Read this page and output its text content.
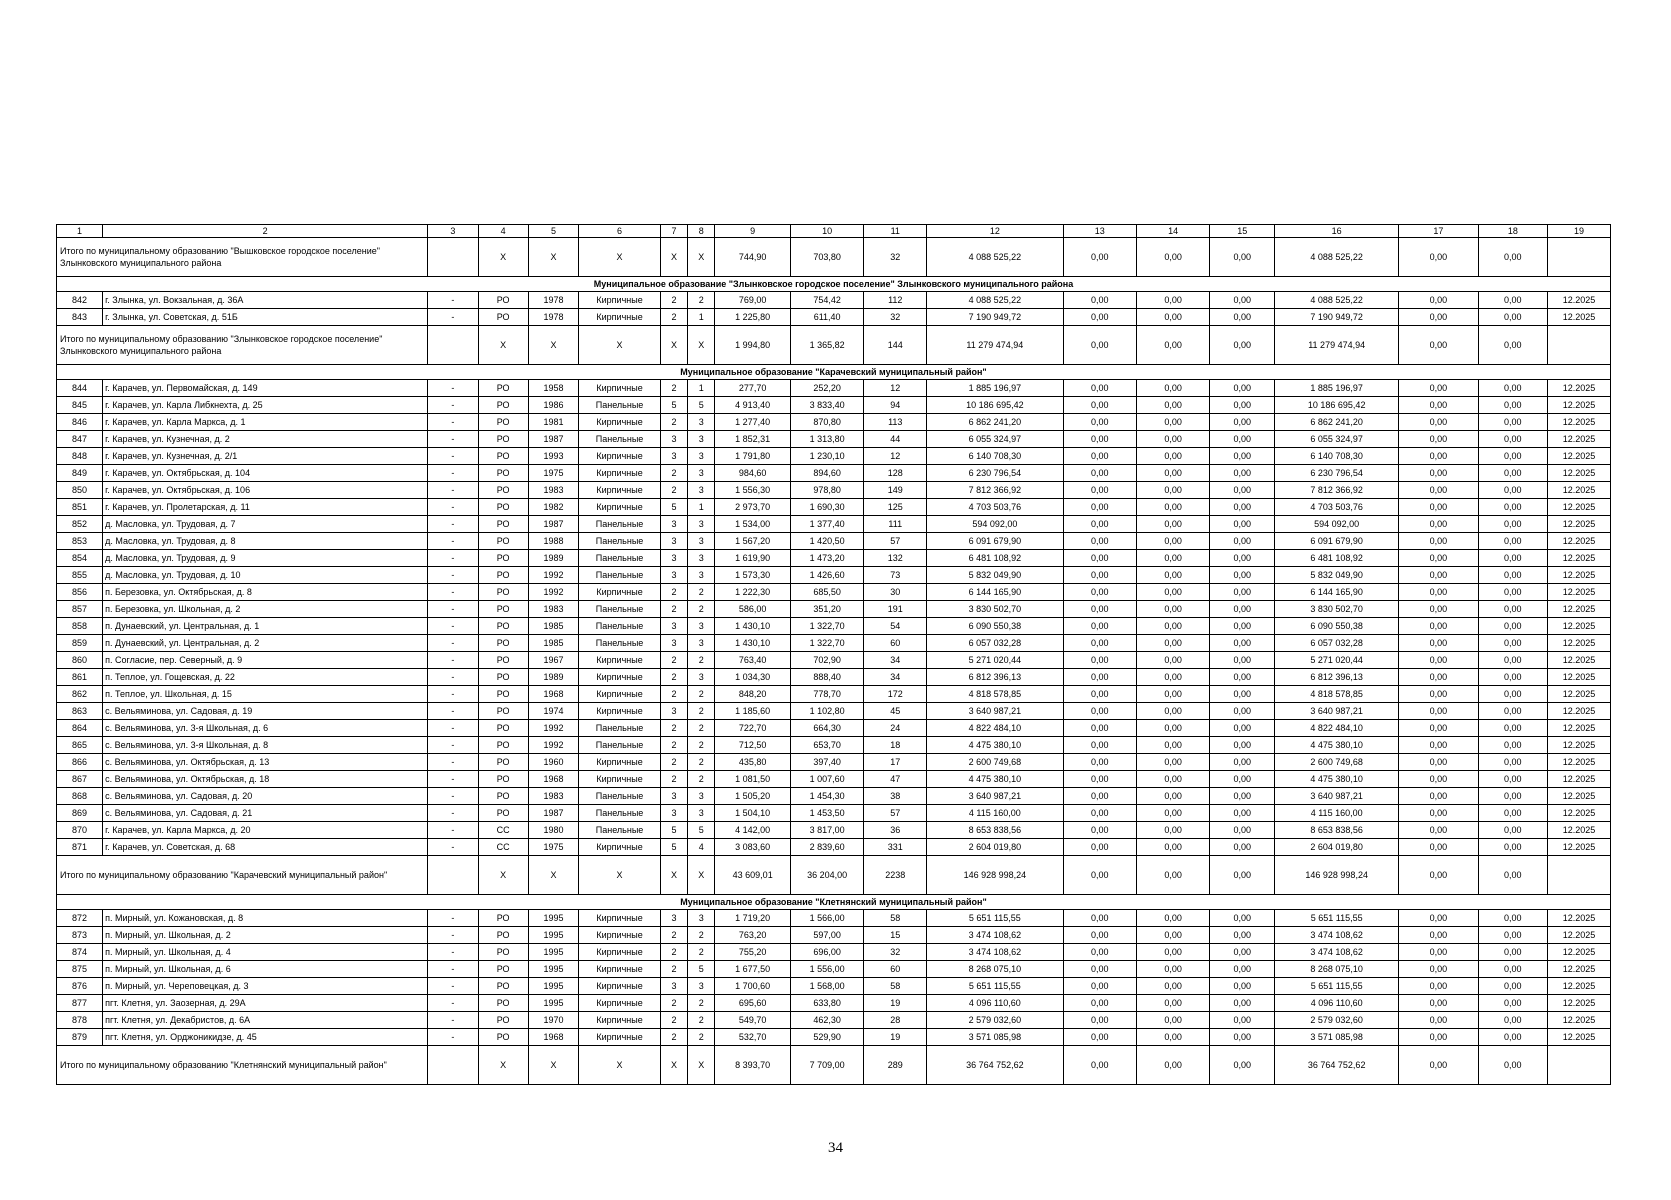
1	2	3	4	5	6	7	8	9	10	11	12	13	14	15	16	17	18	19
Итого по муниципальному образованию "Вышковское городское поселение" Злынковского муниципального района			X	X	X	X	X	744,90	703,80	32	4 088 525,22	0,00	0,00	0,00	4 088 525,22	0,00	0,00	
Муниципальное образование "Злынковское городское поселение" Злынковского муниципального района																		
842	г. Злынка, ул. Вокзальная, д. 36А	-	РО	1978	Кирпичные	2	2	769,00	754,42	112	4 088 525,22	0,00	0,00	0,00	4 088 525,22	0,00	0,00	12.2025
843	г. Злынка, ул. Советская, д. 51Б	-	РО	1978	Кирпичные	2	1	1 225,80	611,40	32	7 190 949,72	0,00	0,00	0,00	7 190 949,72	0,00	0,00	12.2025
Итого по муниципальному образованию "Злынковское городское поселение" Злынковского муниципального района			X	X	X	X	X	1 994,80	1 365,82	144	11 279 474,94	0,00	0,00	0,00	11 279 474,94	0,00	0,00	
Муниципальное образование "Карачевский муниципальный район"																		
844	г. Карачев, ул. Первомайская, д. 149	-	РО	1958	Кирпичные	2	1	277,70	252,20	12	1 885 196,97	0,00	0,00	0,00	1 885 196,97	0,00	0,00	12.2025
845	г. Карачев, ул. Карла Либкнехта, д. 25	-	РО	1986	Панельные	5	5	4 913,40	3 833,40	94	10 186 695,42	0,00	0,00	0,00	10 186 695,42	0,00	0,00	12.2025
846	г. Карачев, ул. Карла Маркса, д. 1	-	РО	1981	Кирпичные	2	3	1 277,40	870,80	113	6 862 241,20	0,00	0,00	0,00	6 862 241,20	0,00	0,00	12.2025
847	г. Карачев, ул. Кузнечная, д. 2	-	РО	1987	Панельные	3	3	1 852,31	1 313,80	44	6 055 324,97	0,00	0,00	0,00	6 055 324,97	0,00	0,00	12.2025
848	г. Карачев, ул. Кузнечная, д. 2/1	-	РО	1993	Кирпичные	3	3	1 791,80	1 230,10	12	6 140 708,30	0,00	0,00	0,00	6 140 708,30	0,00	0,00	12.2025
849	г. Карачев, ул. Октябрьская, д. 104	-	РО	1975	Кирпичные	2	3	984,60	894,60	128	6 230 796,54	0,00	0,00	0,00	6 230 796,54	0,00	0,00	12.2025
850	г. Карачев, ул. Октябрьская, д. 106	-	РО	1983	Кирпичные	2	3	1 556,30	978,80	149	7 812 366,92	0,00	0,00	0,00	7 812 366,92	0,00	0,00	12.2025
851	г. Карачев, ул. Пролетарская, д. 11	-	РО	1982	Кирпичные	5	1	2 973,70	1 690,30	125	4 703 503,76	0,00	0,00	0,00	4 703 503,76	0,00	0,00	12.2025
852	д. Масловка, ул. Трудовая, д. 7	-	РО	1987	Панельные	3	3	1 534,00	1 377,40	111	594 092,00	0,00	0,00	0,00	594 092,00	0,00	0,00	12.2025
853	д. Масловка, ул. Трудовая, д. 8	-	РО	1988	Панельные	3	3	1 567,20	1 420,50	57	6 091 679,90	0,00	0,00	0,00	6 091 679,90	0,00	0,00	12.2025
854	д. Масловка, ул. Трудовая, д. 9	-	РО	1989	Панельные	3	3	1 619,90	1 473,20	132	6 481 108,92	0,00	0,00	0,00	6 481 108,92	0,00	0,00	12.2025
855	д. Масловка, ул. Трудовая, д. 10	-	РО	1992	Панельные	3	3	1 573,30	1 426,60	73	5 832 049,90	0,00	0,00	0,00	5 832 049,90	0,00	0,00	12.2025
856	п. Березовка, ул. Октябрьская, д. 8	-	РО	1992	Кирпичные	2	2	1 222,30	685,50	30	6 144 165,90	0,00	0,00	0,00	6 144 165,90	0,00	0,00	12.2025
857	п. Березовка, ул. Школьная, д. 2	-	РО	1983	Панельные	2	2	586,00	351,20	191	3 830 502,70	0,00	0,00	0,00	3 830 502,70	0,00	0,00	12.2025
858	п. Дунаевский, ул. Центральная, д. 1	-	РО	1985	Панельные	3	3	1 430,10	1 322,70	54	6 090 550,38	0,00	0,00	0,00	6 090 550,38	0,00	0,00	12.2025
859	п. Дунаевский, ул. Центральная, д. 2	-	РО	1985	Панельные	3	3	1 430,10	1 322,70	60	6 057 032,28	0,00	0,00	0,00	6 057 032,28	0,00	0,00	12.2025
860	п. Согласие, пер. Северный, д. 9	-	РО	1967	Кирпичные	2	2	763,40	702,90	34	5 271 020,44	0,00	0,00	0,00	5 271 020,44	0,00	0,00	12.2025
861	п. Теплое, ул. Гощевская, д. 22	-	РО	1989	Кирпичные	2	3	1 034,30	888,40	34	6 812 396,13	0,00	0,00	0,00	6 812 396,13	0,00	0,00	12.2025
862	п. Теплое, ул. Школьная, д. 15	-	РО	1968	Кирпичные	2	2	848,20	778,70	172	4 818 578,85	0,00	0,00	0,00	4 818 578,85	0,00	0,00	12.2025
863	с. Вельяминова, ул. Садовая, д. 19	-	РО	1974	Кирпичные	3	2	1 185,60	1 102,80	45	3 640 987,21	0,00	0,00	0,00	3 640 987,21	0,00	0,00	12.2025
864	с. Вельяминова, ул. 3-я Школьная, д. 6	-	РО	1992	Панельные	2	2	722,70	664,30	24	4 822 484,10	0,00	0,00	0,00	4 822 484,10	0,00	0,00	12.2025
865	с. Вельяминова, ул. 3-я Школьная, д. 8	-	РО	1992	Панельные	2	2	712,50	653,70	18	4 475 380,10	0,00	0,00	0,00	4 475 380,10	0,00	0,00	12.2025
866	с. Вельяминова, ул. Октябрьская, д. 13	-	РО	1960	Кирпичные	2	2	435,80	397,40	17	2 600 749,68	0,00	0,00	0,00	2 600 749,68	0,00	0,00	12.2025
867	с. Вельяминова, ул. Октябрьская, д. 18	-	РО	1968	Кирпичные	2	2	1 081,50	1 007,60	47	4 475 380,10	0,00	0,00	0,00	4 475 380,10	0,00	0,00	12.2025
868	с. Вельяминова, ул. Садовая, д. 20	-	РО	1983	Панельные	3	3	1 505,20	1 454,30	38	3 640 987,21	0,00	0,00	0,00	3 640 987,21	0,00	0,00	12.2025
869	с. Вельяминова, ул. Садовая, д. 21	-	РО	1987	Панельные	3	3	1 504,10	1 453,50	57	4 115 160,00	0,00	0,00	0,00	4 115 160,00	0,00	0,00	12.2025
870	г. Карачев, ул. Карла Маркса, д. 20	-	СС	1980	Панельные	5	5	4 142,00	3 817,00	36	8 653 838,56	0,00	0,00	0,00	8 653 838,56	0,00	0,00	12.2025
871	г. Карачев, ул. Советская, д. 68	-	СС	1975	Кирпичные	5	4	3 083,60	2 839,60	331	2 604 019,80	0,00	0,00	0,00	2 604 019,80	0,00	0,00	12.2025
Итого по муниципальному образованию "Карачевский муниципальный район"			X	X	X	X	X	43 609,01	36 204,00	2238	146 928 998,24	0,00	0,00	0,00	146 928 998,24	0,00	0,00	
Муниципальное образование "Клетнянский муниципальный район"																		
872	п. Мирный, ул. Кожановская, д. 8	-	РО	1995	Кирпичные	3	3	1 719,20	1 566,00	58	5 651 115,55	0,00	0,00	0,00	5 651 115,55	0,00	0,00	12.2025
873	п. Мирный, ул. Школьная, д. 2	-	РО	1995	Кирпичные	2	2	763,20	597,00	15	3 474 108,62	0,00	0,00	0,00	3 474 108,62	0,00	0,00	12.2025
874	п. Мирный, ул. Школьная, д. 4	-	РО	1995	Кирпичные	2	2	755,20	696,00	32	3 474 108,62	0,00	0,00	0,00	3 474 108,62	0,00	0,00	12.2025
875	п. Мирный, ул. Школьная, д. 6	-	РО	1995	Кирпичные	2	5	1 677,50	1 556,00	60	8 268 075,10	0,00	0,00	0,00	8 268 075,10	0,00	0,00	12.2025
876	п. Мирный, ул. Череповецкая, д. 3	-	РО	1995	Кирпичные	3	3	1 700,60	1 568,00	58	5 651 115,55	0,00	0,00	0,00	5 651 115,55	0,00	0,00	12.2025
877	пгт. Клетня, ул. Заозерная, д. 29А	-	РО	1995	Кирпичные	2	2	695,60	633,80	19	4 096 110,60	0,00	0,00	0,00	4 096 110,60	0,00	0,00	12.2025
878	пгт. Клетня, ул. Декабристов, д. 6А	-	РО	1970	Кирпичные	2	2	549,70	462,30	28	2 579 032,60	0,00	0,00	0,00	2 579 032,60	0,00	0,00	12.2025
879	пгт. Клетня, ул. Орджоникидзе, д. 45	-	РО	1968	Кирпичные	2	2	532,70	529,90	19	3 571 085,98	0,00	0,00	0,00	3 571 085,98	0,00	0,00	12.2025
Итого по муниципальному образованию "Клетнянский муниципальный район"			X	X	X	X	X	8 393,70	7 709,00	289	36 764 752,62	0,00	0,00	0,00	36 764 752,62	0,00	0,00	
34
